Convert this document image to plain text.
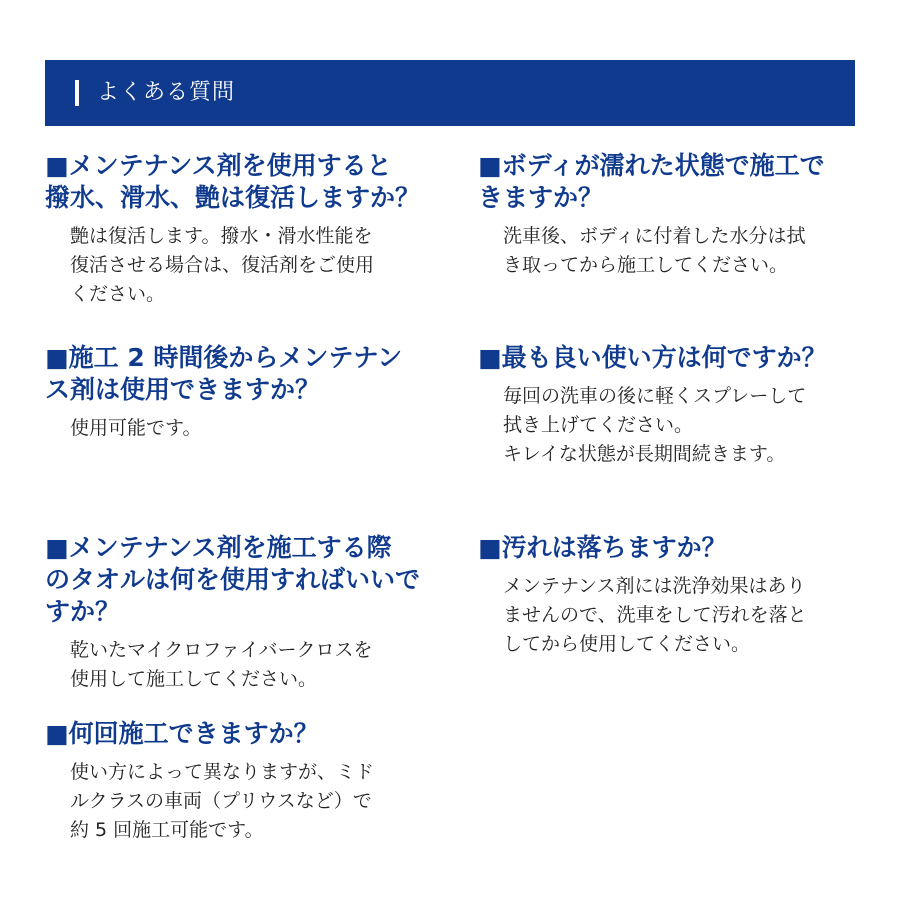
よくある質問
■メンテナンス剤を使用すると
撥水、滑水、艶は復活しますか？
艶は復活します。撥水・滑水性能を
復活させる場合は、復活剤をご使用
ください。
■施工 2 時間後からメンテナン
ス剤は使用できますか？
使用可能です。
■メンテナンス剤を施工する際
のタオルは何を使用すればいいで
すか？
乾いたマイクロファイバークロスを
使用して施工してください。
■何回施工できますか？
使い方によって異なりますが、ミド
ルクラスの車両（プリウスなど）で
約 5 回施工可能です。
■ボディが濡れた状態で施工で
きますか？
洗車後、ボディに付着した水分は拭
き取ってから施工してください。
■最も良い使い方は何ですか？
毎回の洗車の後に軽くスプレーして
拭き上げてください。
キレイな状態が長期間続きます。
■汚れは落ちますか？
メンテナンス剤には洗浄効果はあり
ませんので、洗車をして汚れを落と
してから使用してください。
